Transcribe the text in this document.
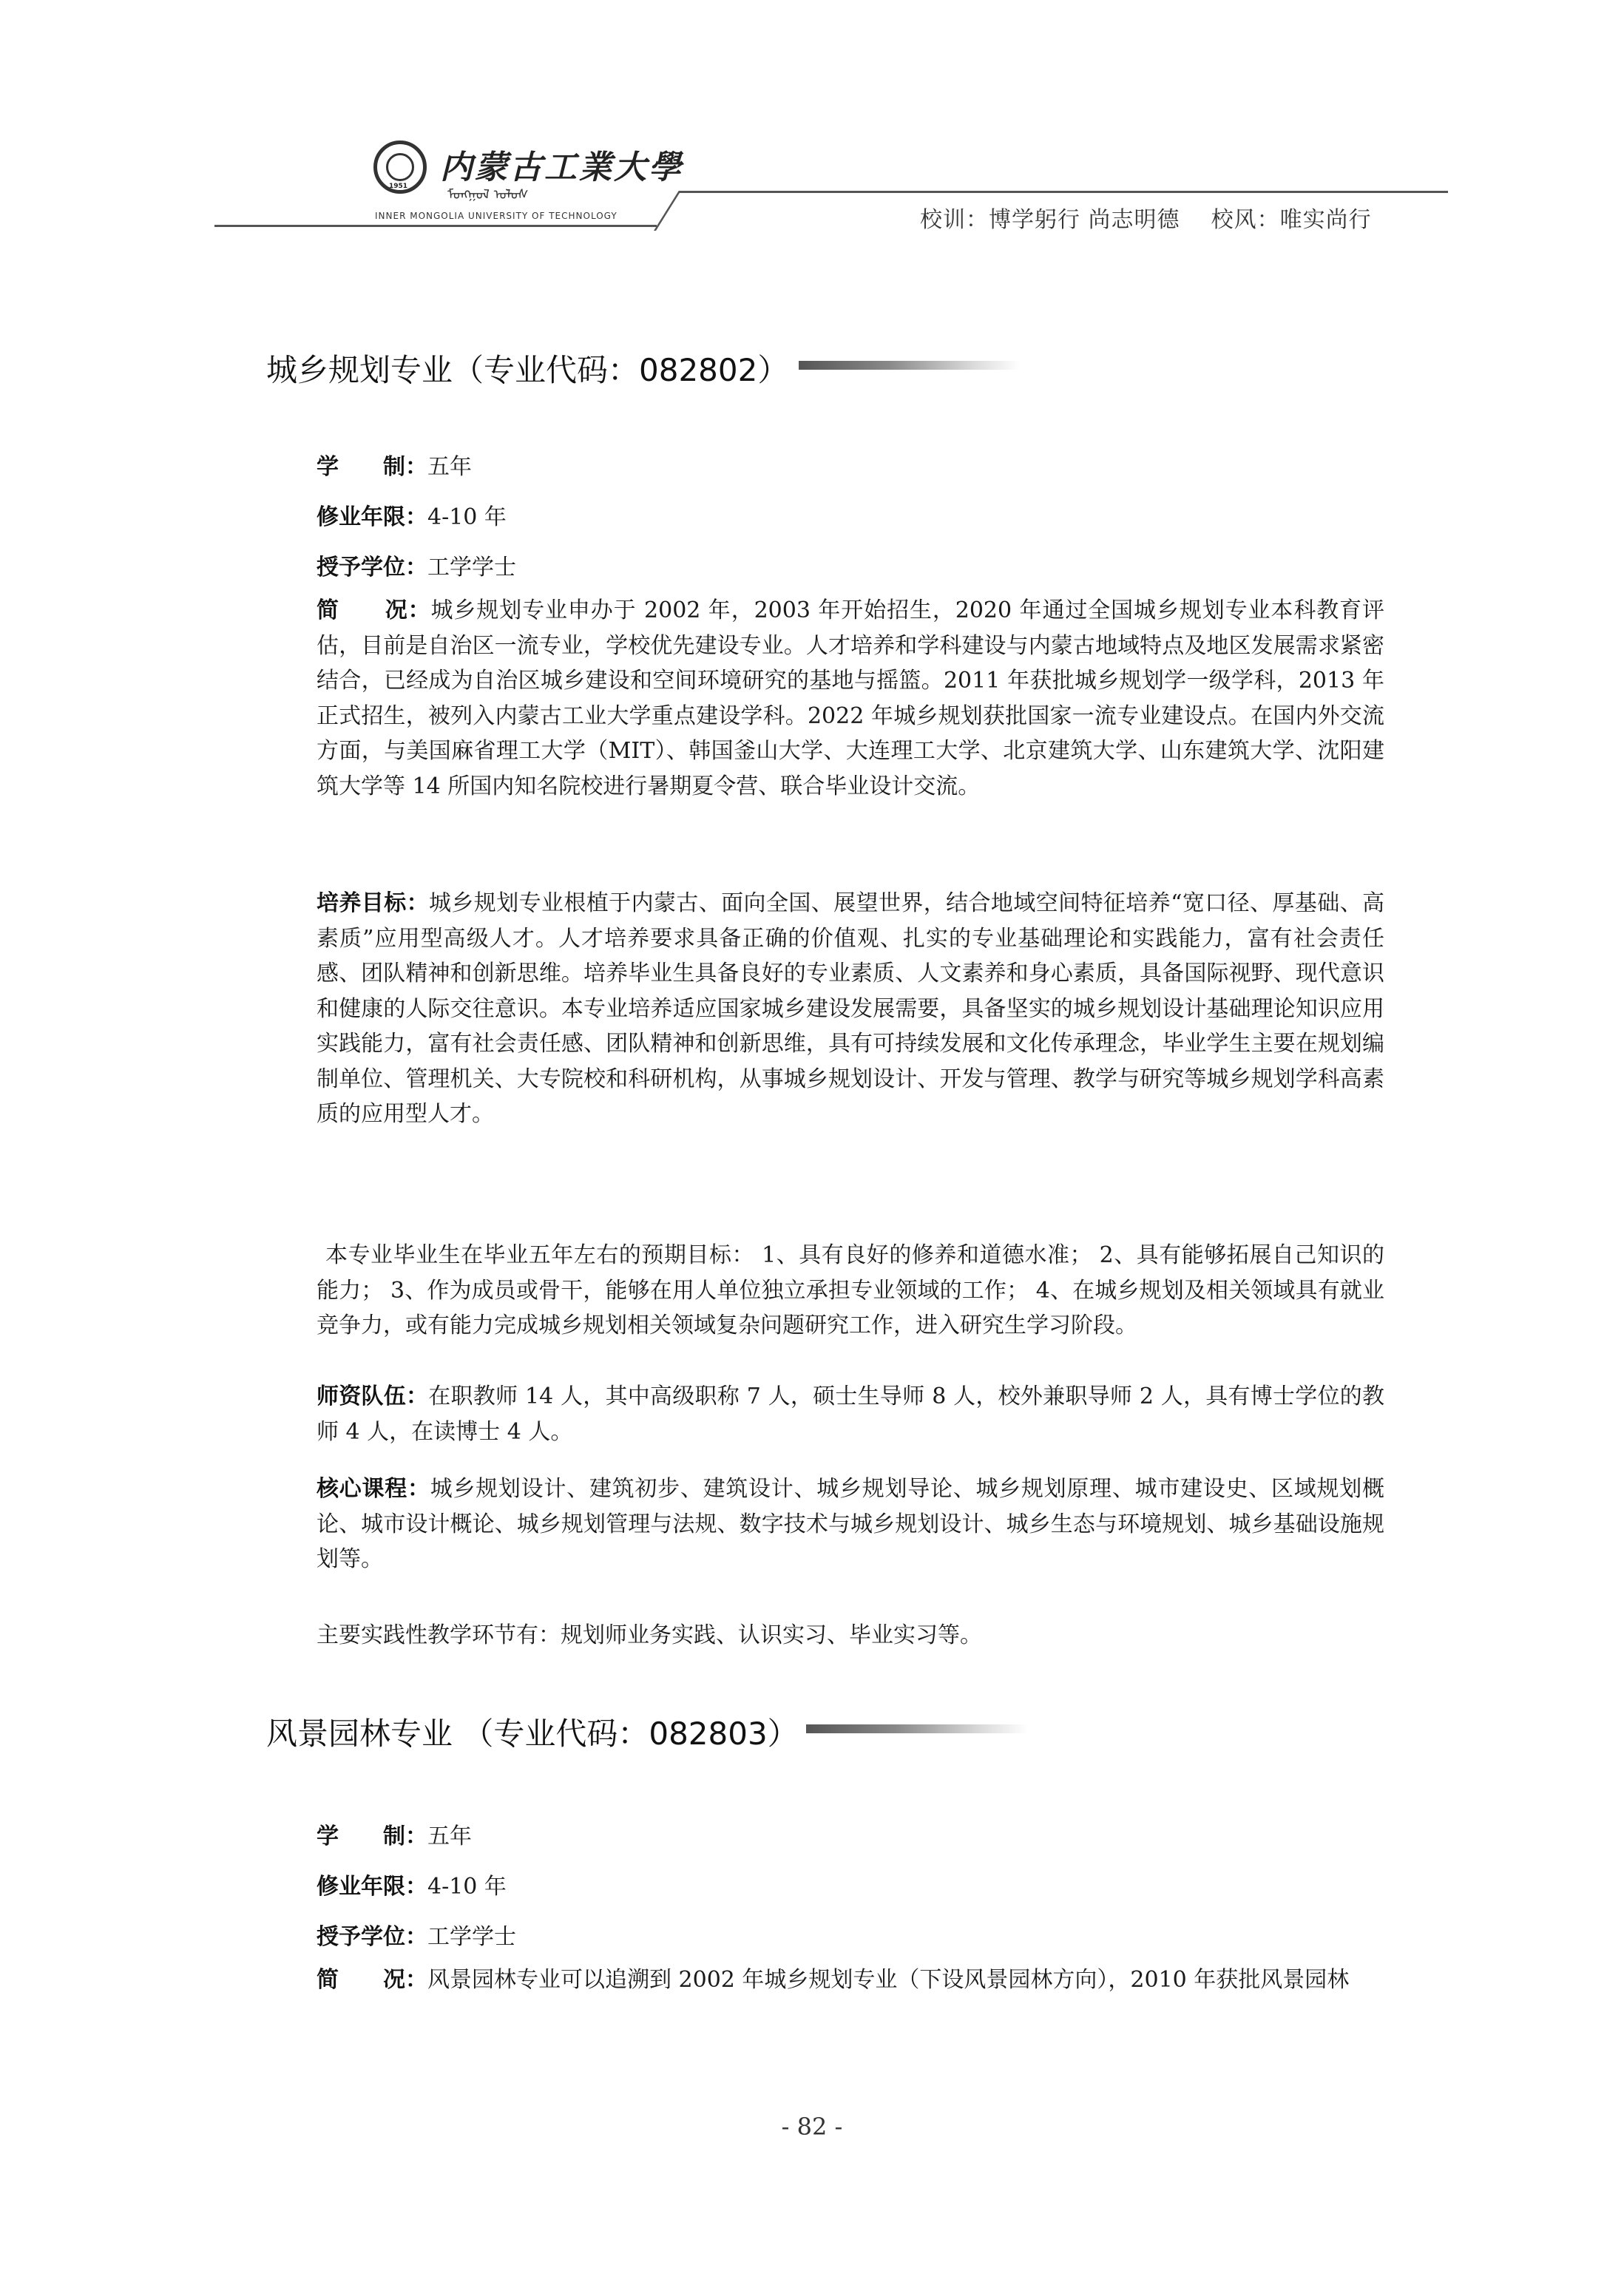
1951 内蒙古工業大學
ᠮᠣᠩᠭᠣᠯ ᠤᠯᠤᠰ
INNER MONGOLIA UNIVERSITY OF TECHNOLOGY	校训：博学躬行 尚志明德    校风：唯实尚行
城乡规划专业（专业代码：082802）
学　　制：五年
修业年限：4-10 年
授予学位：工学学士

简　　况：城乡规划专业申办于 2002 年，2003 年开始招生，2020 年通过全国城乡规划专业本科教育评估，目前是自治区一流专业，学校优先建设专业。人才培养和学科建设与内蒙古地域特点及地区发展需求紧密结合，已经成为自治区城乡建设和空间环境研究的基地与摇篮。2011 年获批城乡规划学一级学科，2013 年正式招生，被列入内蒙古工业大学重点建设学科。2022 年城乡规划获批国家一流专业建设点。在国内外交流方面，与美国麻省理工大学（MIT）、韩国釜山大学、大连理工大学、北京建筑大学、山东建筑大学、沈阳建筑大学等 14 所国内知名院校进行暑期夏令营、联合毕业设计交流。

培养目标：城乡规划专业根植于内蒙古、面向全国、展望世界，结合地域空间特征培养“宽口径、厚基础、高素质”应用型高级人才。人才培养要求具备正确的价值观、扎实的专业基础理论和实践能力，富有社会责任感、团队精神和创新思维。培养毕业生具备良好的专业素质、人文素养和身心素质，具备国际视野、现代意识和健康的人际交往意识。本专业培养适应国家城乡建设发展需要，具备坚实的城乡规划设计基础理论知识应用实践能力，富有社会责任感、团队精神和创新思维，具有可持续发展和文化传承理念，毕业学生主要在规划编制单位、管理机关、大专院校和科研机构，从事城乡规划设计、开发与管理、教学与研究等城乡规划学科高素质的应用型人才。

本专业毕业生在毕业五年左右的预期目标： 1、具有良好的修养和道德水准； 2、具有能够拓展自己知识的能力； 3、作为成员或骨干，能够在用人单位独立承担专业领域的工作； 4、在城乡规划及相关领域具有就业竞争力，或有能力完成城乡规划相关领域复杂问题研究工作，进入研究生学习阶段。

师资队伍：在职教师 14 人，其中高级职称 7 人，硕士生导师 8 人，校外兼职导师 2 人，具有博士学位的教师 4 人，在读博士 4 人。

核心课程：城乡规划设计、建筑初步、建筑设计、城乡规划导论、城乡规划原理、城市建设史、区域规划概论、城市设计概论、城乡规划管理与法规、数字技术与城乡规划设计、城乡生态与环境规划、城乡基础设施规划等。

主要实践性教学环节有：规划师业务实践、认识实习、毕业实习等。

风景园林专业 （专业代码：082803）
学　　制：五年
修业年限：4-10 年
授予学位：工学学士

简　　况：风景园林专业可以追溯到 2002 年城乡规划专业（下设风景园林方向），2010 年获批风景园林

- 82 -
